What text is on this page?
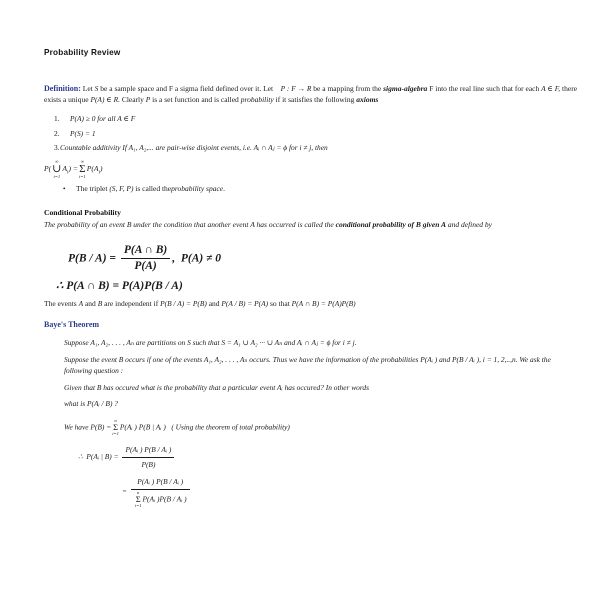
Probability Review

Definition: Let S be a sample space and F a sigma field defined over it. Let P : F → R be a mapping from the sigma-algebra F into the real line such that for each A ∈ F, there exists a unique P(A) ∈ R. Clearly P is a set function and is called probability if it satisfies the following axioms

1. P(A) ≥ 0 for all A ∈ F
2. P(S) = 1
3. Countable additivity If A₁, A₂,... are pair-wise disjoint events, i.e. Aᵢ ∩ Aⱼ = ϕ for i ≠ j, then
P(
∞
∪
i=1
$A_i$) =
∞
Σ
i=1
$P(A_i)$
• The triplet (S, F, P) is called theprobability space.
Conditional Probability

The probability of an event B under the condition that another event A has occurred is called the conditional probability of B given A and defined by

$P(B / A) = \frac{P(A \cap B)}{P(A)}$ , P(A) ≠ 0
∴ P(A ∩ B) = P(A)P(B / A)

The events A and B are independent if P(B / A) = P(B) and P(A / B) = P(A) so that P(A ∩ B) = P(A)P(B)

Baye's Theorem

Suppose A₁, A₂, . . . , Aₙ are partitions on S such that S = A₁ ∪ A₂ ··· ∪ Aₙ and Aᵢ ∩ Aⱼ = ϕ for i ≠ j.

Suppose the event B occurs if one of the events A₁, A₂, . . . , Aₙ occurs. Thus we have the information of the probabilities P(Aᵢ ) and P(B / Aᵢ ), i = 1, 2,..,n. We ask the following question :

Given that B has occured what is the probability that a particular event Aᵢ has occured? In other words

what is P(Aᵢ / B) ?

We have P(B) =
n
Σ
i=1
P(Aᵢ ) P(B | Aᵢ ) ( Using the theorem of total probability)

∴ P(Aᵢ | $B) = \frac{\text{P(Aᵢ ) P(B / Aᵢ )}}{P(B)}$

= P(Aᵢ ) P(B / Aᵢ )
n
Σ
i=1
P(Aᵢ )P(B / Aᵢ )
